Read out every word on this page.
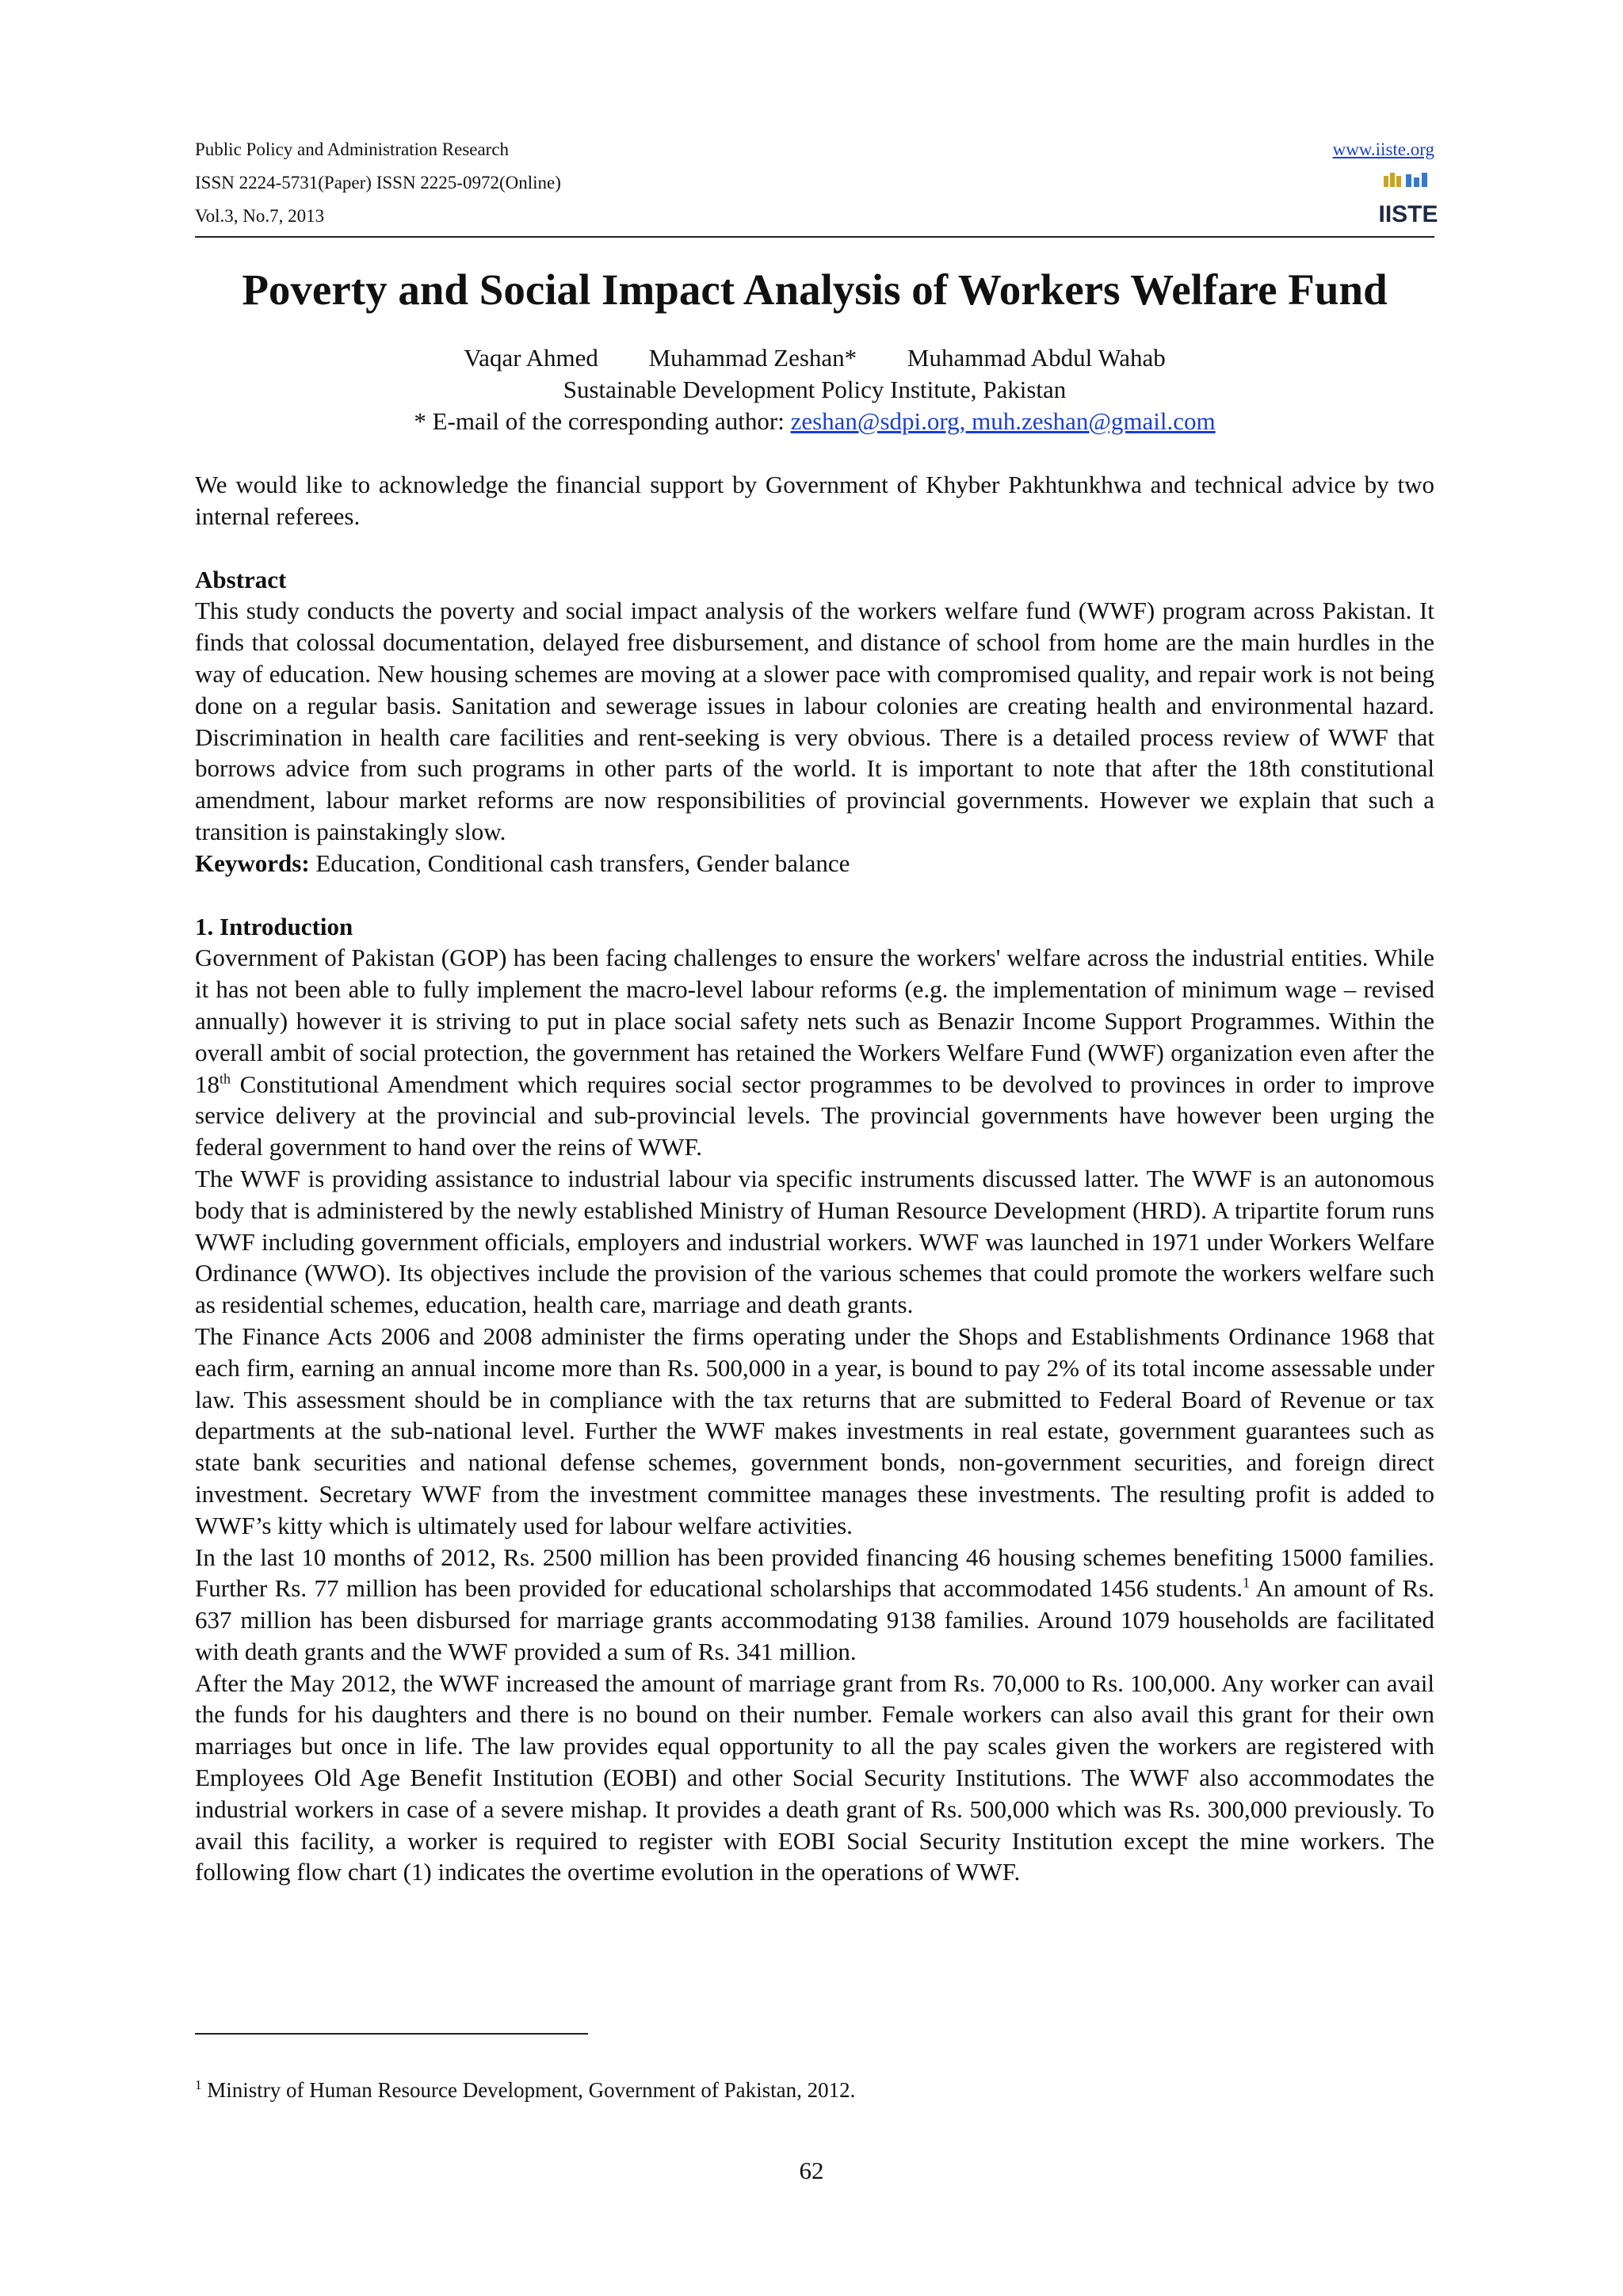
Public Policy and Administration Research
ISSN 2224-5731(Paper) ISSN 2225-0972(Online)
Vol.3, No.7, 2013
www.iiste.org
IISTE
Poverty and Social Impact Analysis of Workers Welfare Fund
Vaqar Ahmed Muhammad Zeshan* Muhammad Abdul Wahab
Sustainable Development Policy Institute, Pakistan
* E-mail of the corresponding author: zeshan@sdpi.org, muh.zeshan@gmail.com

We would like to acknowledge the financial support by Government of Khyber Pakhtunkhwa and technical advice by two internal referees.

Abstract

This study conducts the poverty and social impact analysis of the workers welfare fund (WWF) program across Pakistan. It finds that colossal documentation, delayed free disbursement, and distance of school from home are the main hurdles in the way of education. New housing schemes are moving at a slower pace with compromised quality, and repair work is not being done on a regular basis. Sanitation and sewerage issues in labour colonies are creating health and environmental hazard. Discrimination in health care facilities and rent-seeking is very obvious. There is a detailed process review of WWF that borrows advice from such programs in other parts of the world. It is important to note that after the 18th constitutional amendment, labour market reforms are now responsibilities of provincial governments. However we explain that such a transition is painstakingly slow.

Keywords: Education, Conditional cash transfers, Gender balance

1. Introduction

Government of Pakistan (GOP) has been facing challenges to ensure the workers' welfare across the industrial entities. While it has not been able to fully implement the macro-level labour reforms (e.g. the implementation of minimum wage – revised annually) however it is striving to put in place social safety nets such as Benazir Income Support Programmes. Within the overall ambit of social protection, the government has retained the Workers Welfare Fund (WWF) organization even after the 18th Constitutional Amendment which requires social sector programmes to be devolved to provinces in order to improve service delivery at the provincial and sub-provincial levels. The provincial governments have however been urging the federal government to hand over the reins of WWF.

The WWF is providing assistance to industrial labour via specific instruments discussed latter. The WWF is an autonomous body that is administered by the newly established Ministry of Human Resource Development (HRD). A tripartite forum runs WWF including government officials, employers and industrial workers. WWF was launched in 1971 under Workers Welfare Ordinance (WWO). Its objectives include the provision of the various schemes that could promote the workers welfare such as residential schemes, education, health care, marriage and death grants.

The Finance Acts 2006 and 2008 administer the firms operating under the Shops and Establishments Ordinance 1968 that each firm, earning an annual income more than Rs. 500,000 in a year, is bound to pay 2% of its total income assessable under law. This assessment should be in compliance with the tax returns that are submitted to Federal Board of Revenue or tax departments at the sub-national level. Further the WWF makes investments in real estate, government guarantees such as state bank securities and national defense schemes, government bonds, non-government securities, and foreign direct investment. Secretary WWF from the investment committee manages these investments. The resulting profit is added to WWF’s kitty which is ultimately used for labour welfare activities.

In the last 10 months of 2012, Rs. 2500 million has been provided financing 46 housing schemes benefiting 15000 families. Further Rs. 77 million has been provided for educational scholarships that accommodated 1456 students.$^1$ An amount of Rs. 637 million has been disbursed for marriage grants accommodating 9138 families. Around 1079 households are facilitated with death grants and the WWF provided a sum of Rs. 341 million.

After the May 2012, the WWF increased the amount of marriage grant from Rs. 70,000 to Rs. 100,000. Any worker can avail the funds for his daughters and there is no bound on their number. Female workers can also avail this grant for their own marriages but once in life. The law provides equal opportunity to all the pay scales given the workers are registered with Employees Old Age Benefit Institution (EOBI) and other Social Security Institutions. The WWF also accommodates the industrial workers in case of a severe mishap. It provides a death grant of Rs. 500,000 which was Rs. 300,000 previously. To avail this facility, a worker is required to register with EOBI Social Security Institution except the mine workers. The following flow chart (1) indicates the overtime evolution in the operations of WWF.

$^1$ Ministry of Human Resource Development, Government of Pakistan, 2012.
62
